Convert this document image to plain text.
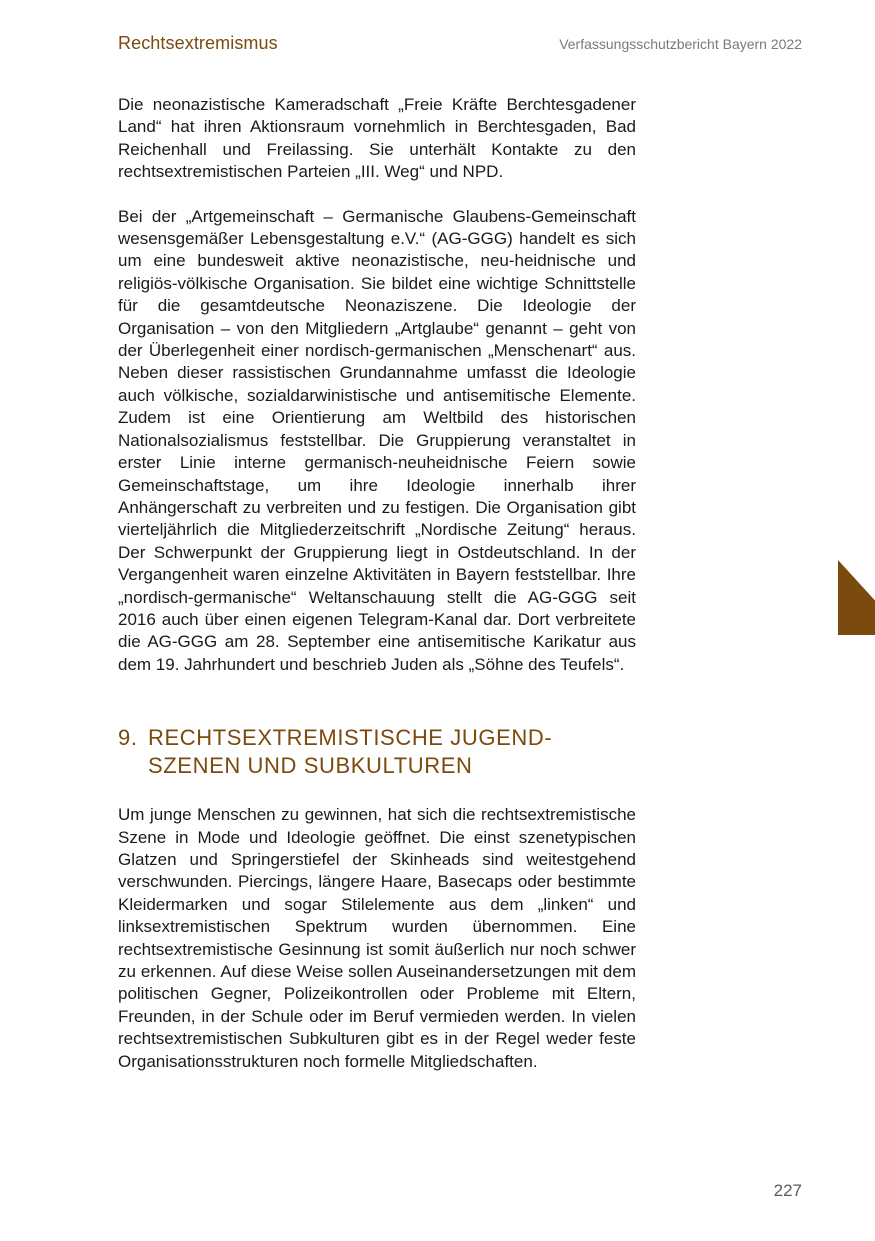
Rechtsextremismus	Verfassungsschutzbericht Bayern 2022

Die neonazistische Kameradschaft „Freie Kräfte Berchtesgadener Land“ hat ihren Aktionsraum vornehmlich in Berchtesgaden, Bad Reichenhall und Freilassing. Sie unterhält Kontakte zu den rechtsextremistischen Parteien „III. Weg“ und NPD.

Bei der „Artgemeinschaft – Germanische Glaubens-Gemeinschaft wesensgemäßer Lebensgestaltung e.V.“ (AG-GGG) handelt es sich um eine bundesweit aktive neonazistische, neu-heidnische und religiös-völkische Organisation. Sie bildet eine wichtige Schnittstelle für die gesamtdeutsche Neonaziszene. Die Ideologie der Organisation – von den Mitgliedern „Artglaube“ genannt – geht von der Überlegenheit einer nordisch-germanischen „Menschenart“ aus. Neben dieser rassistischen Grundannahme umfasst die Ideologie auch völkische, sozialdarwinistische und antisemitische Elemente. Zudem ist eine Orientierung am Weltbild des historischen Nationalsozialismus feststellbar. Die Gruppierung veranstaltet in erster Linie interne germanisch-neuheidnische Feiern sowie Gemeinschaftstage, um ihre Ideologie innerhalb ihrer Anhängerschaft zu verbreiten und zu festigen. Die Organisation gibt vierteljährlich die Mitgliederzeitschrift „Nordische Zeitung“ heraus. Der Schwerpunkt der Gruppierung liegt in Ostdeutschland. In der Vergangenheit waren einzelne Aktivitäten in Bayern feststellbar. Ihre „nordisch-germanische“ Weltanschauung stellt die AG-GGG seit 2016 auch über einen eigenen Telegram-Kanal dar. Dort verbreitete die AG-GGG am 28. September eine antisemitische Karikatur aus dem 19. Jahrhundert und beschrieb Juden als „Söhne des Teufels“.

9. RECHTSEXTREMISTISCHE JUGENDSZENEN UND SUBKULTUREN

Um junge Menschen zu gewinnen, hat sich die rechtsextremistische Szene in Mode und Ideologie geöffnet. Die einst szenetypischen Glatzen und Springerstiefel der Skinheads sind weitestgehend verschwunden. Piercings, längere Haare, Basecaps oder bestimmte Kleidermarken und sogar Stilelemente aus dem „linken“ und linksextremistischen Spektrum wurden übernommen. Eine rechtsextremistische Gesinnung ist somit äußerlich nur noch schwer zu erkennen. Auf diese Weise sollen Auseinandersetzungen mit dem politischen Gegner, Polizeikontrollen oder Probleme mit Eltern, Freunden, in der Schule oder im Beruf vermieden werden. In vielen rechtsextremistischen Subkulturen gibt es in der Regel weder feste Organisationsstrukturen noch formelle Mitgliedschaften.

227
